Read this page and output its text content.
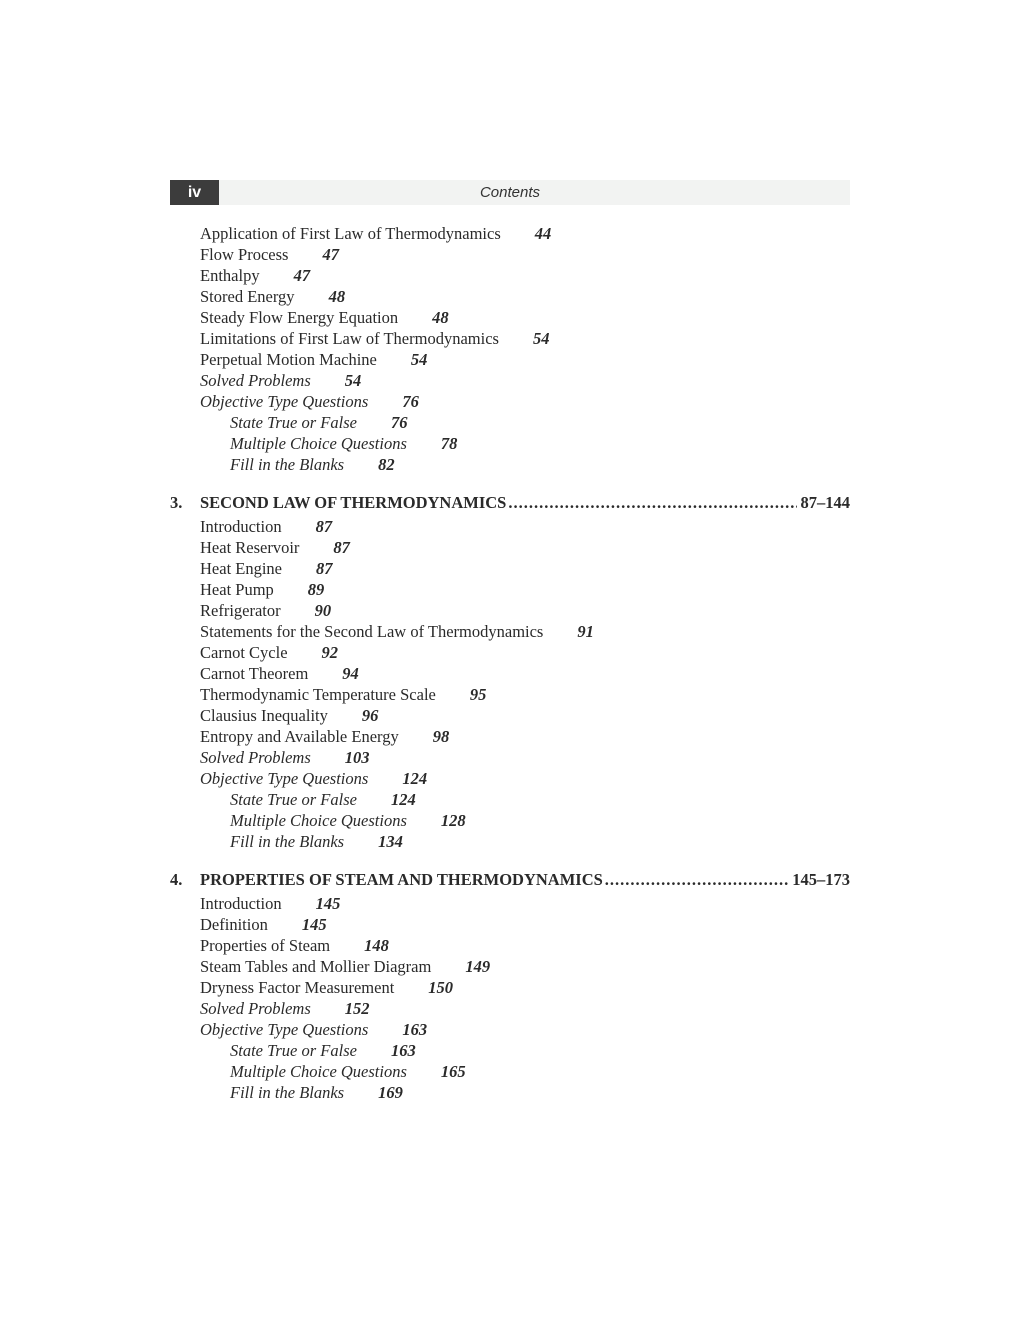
Contents
iv
Application of First Law of Thermodynamics 44
Flow Process 47
Enthalpy 47
Stored Energy 48
Steady Flow Energy Equation 48
Limitations of First Law of Thermodynamics 54
Perpetual Motion Machine 54
Solved Problems 54
Objective Type Questions 76
State True or False 76
Multiple Choice Questions 78
Fill in the Blanks 82
3.	SECOND LAW OF THERMODYNAMICS .....	87–144
Introduction 87
Heat Reservoir 87
Heat Engine 87
Heat Pump 89
Refrigerator 90
Statements for the Second Law of Thermodynamics 91
Carnot Cycle 92
Carnot Theorem 94
Thermodynamic Temperature Scale 95
Clausius Inequality 96
Entropy and Available Energy 98
Solved Problems 103
Objective Type Questions 124
State True or False 124
Multiple Choice Questions 128
Fill in the Blanks 134
4.	PROPERTIES OF STEAM AND THERMODYNAMICS .....	145–173
Introduction 145
Definition 145
Properties of Steam 148
Steam Tables and Mollier Diagram 149
Dryness Factor Measurement 150
Solved Problems 152
Objective Type Questions 163
State True or False 163
Multiple Choice Questions 165
Fill in the Blanks 169
